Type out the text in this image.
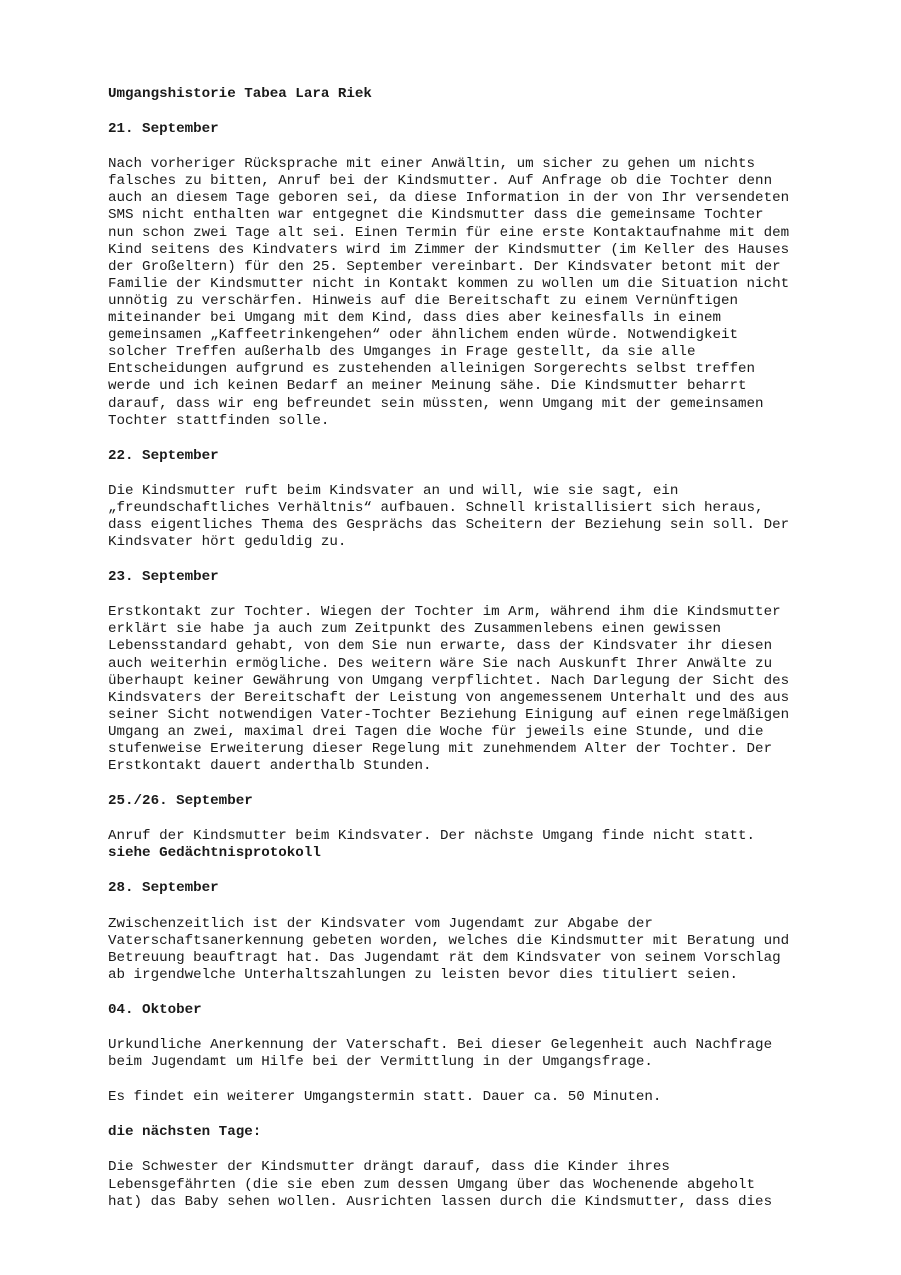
Umgangshistorie Tabea Lara Riek
21. September
Nach vorheriger Rücksprache mit einer Anwältin, um sicher zu gehen um nichts
falsches zu bitten, Anruf bei der Kindsmutter. Auf Anfrage ob die Tochter denn
auch an diesem Tage geboren sei, da diese Information in der von Ihr versendeten
SMS nicht enthalten war entgegnet die Kindsmutter dass die gemeinsame Tochter
nun schon zwei Tage alt sei. Einen Termin für eine erste Kontaktaufnahme mit dem
Kind seitens des Kindvaters wird im Zimmer der Kindsmutter (im Keller des Hauses
der Großeltern) für den 25. September vereinbart. Der Kindsvater betont mit der
Familie der Kindsmutter nicht in Kontakt kommen zu wollen um die Situation nicht
unnötig zu verschärfen. Hinweis auf die Bereitschaft zu einem Vernünftigen
miteinander bei Umgang mit dem Kind, dass dies aber keinesfalls in einem
gemeinsamen „Kaffeetrinkengehen“ oder ähnlichem enden würde. Notwendigkeit
solcher Treffen außerhalb des Umganges in Frage gestellt, da sie alle
Entscheidungen aufgrund es zustehenden alleinigen Sorgerechts selbst treffen
werde und ich keinen Bedarf an meiner Meinung sähe. Die Kindsmutter beharrt
darauf, dass wir eng befreundet sein müssten, wenn Umgang mit der gemeinsamen
Tochter stattfinden solle.
22. September
Die Kindsmutter ruft beim Kindsvater an und will, wie sie sagt, ein
„freundschaftliches Verhältnis“ aufbauen. Schnell kristallisiert sich heraus,
dass eigentliches Thema des Gesprächs das Scheitern der Beziehung sein soll. Der
Kindsvater hört geduldig zu.
23. September
Erstkontakt zur Tochter. Wiegen der Tochter im Arm, während ihm die Kindsmutter
erklärt sie habe ja auch zum Zeitpunkt des Zusammenlebens einen gewissen
Lebensstandard gehabt, von dem Sie nun erwarte, dass der Kindsvater ihr diesen
auch weiterhin ermögliche. Des weitern wäre Sie nach Auskunft Ihrer Anwälte zu
überhaupt keiner Gewährung von Umgang verpflichtet. Nach Darlegung der Sicht des
Kindsvaters der Bereitschaft der Leistung von angemessenem Unterhalt und des aus
seiner Sicht notwendigen Vater-Tochter Beziehung Einigung auf einen regelmäßigen
Umgang an zwei, maximal drei Tagen die Woche für jeweils eine Stunde, und die
stufenweise Erweiterung dieser Regelung mit zunehmendem Alter der Tochter. Der
Erstkontakt dauert anderthalb Stunden.
25./26. September
Anruf der Kindsmutter beim Kindsvater. Der nächste Umgang finde nicht statt.
siehe Gedächtnisprotokoll
28. September
Zwischenzeitlich ist der Kindsvater vom Jugendamt zur Abgabe der
Vaterschaftsanerkennung gebeten worden, welches die Kindsmutter mit Beratung und
Betreuung beauftragt hat. Das Jugendamt rät dem Kindsvater von seinem Vorschlag
ab irgendwelche Unterhaltszahlungen zu leisten bevor dies tituliert seien.
04. Oktober
Urkundliche Anerkennung der Vaterschaft. Bei dieser Gelegenheit auch Nachfrage
beim Jugendamt um Hilfe bei der Vermittlung in der Umgangsfrage.
Es findet ein weiterer Umgangstermin statt. Dauer ca. 50 Minuten.
die nächsten Tage:
Die Schwester der Kindsmutter drängt darauf, dass die Kinder ihres
Lebensgefährten (die sie eben zum dessen Umgang über das Wochenende abgeholt
hat) das Baby sehen wollen. Ausrichten lassen durch die Kindsmutter, dass dies
